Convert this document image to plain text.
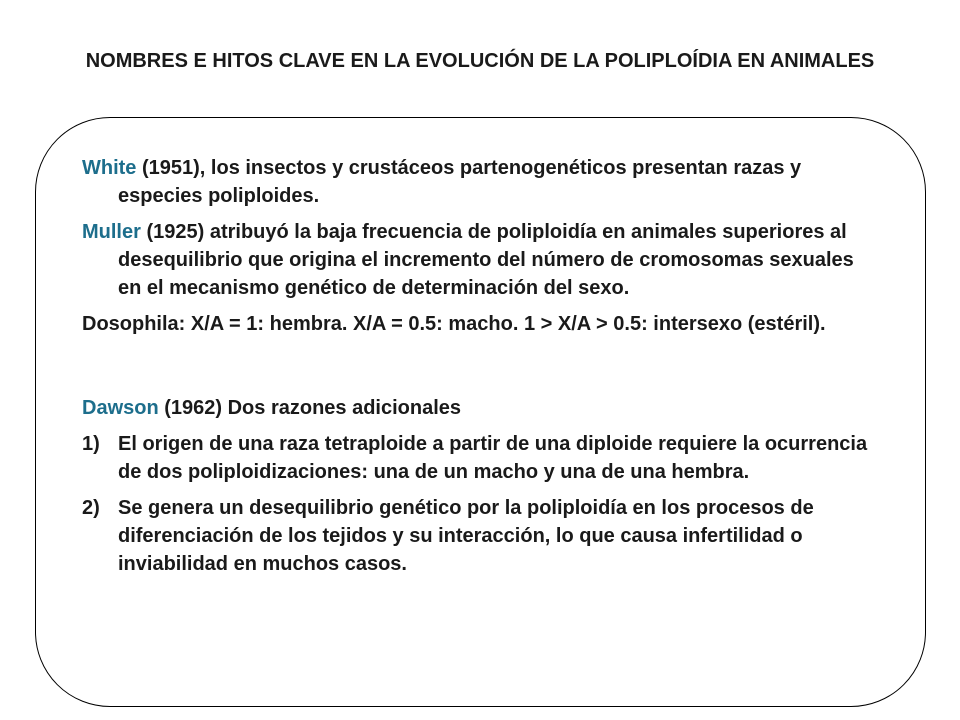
NOMBRES E HITOS CLAVE EN LA EVOLUCIÓN DE LA POLIPLOÍDIA EN ANIMALES

White (1951), los insectos y crustáceos partenogenéticos presentan razas y especies poliploides.

Muller (1925) atribuyó la baja frecuencia de poliploidía en animales superiores al desequilibrio que origina el incremento del número de cromosomas sexuales en el mecanismo genético de determinación del sexo.

Dosophila: X/A = 1: hembra. X/A = 0.5: macho. 1 > X/A > 0.5: intersexo (estéril).

Dawson (1962) Dos razones adicionales

1) El origen de una raza tetraploide a partir de una diploide requiere la ocurrencia de dos poliploidizaciones: una de un macho y una de una hembra.

2) Se genera un desequilibrio genético por la poliploidía en los procesos de diferenciación de los tejidos y su interacción, lo que causa infertilidad o inviabilidad en muchos casos.
